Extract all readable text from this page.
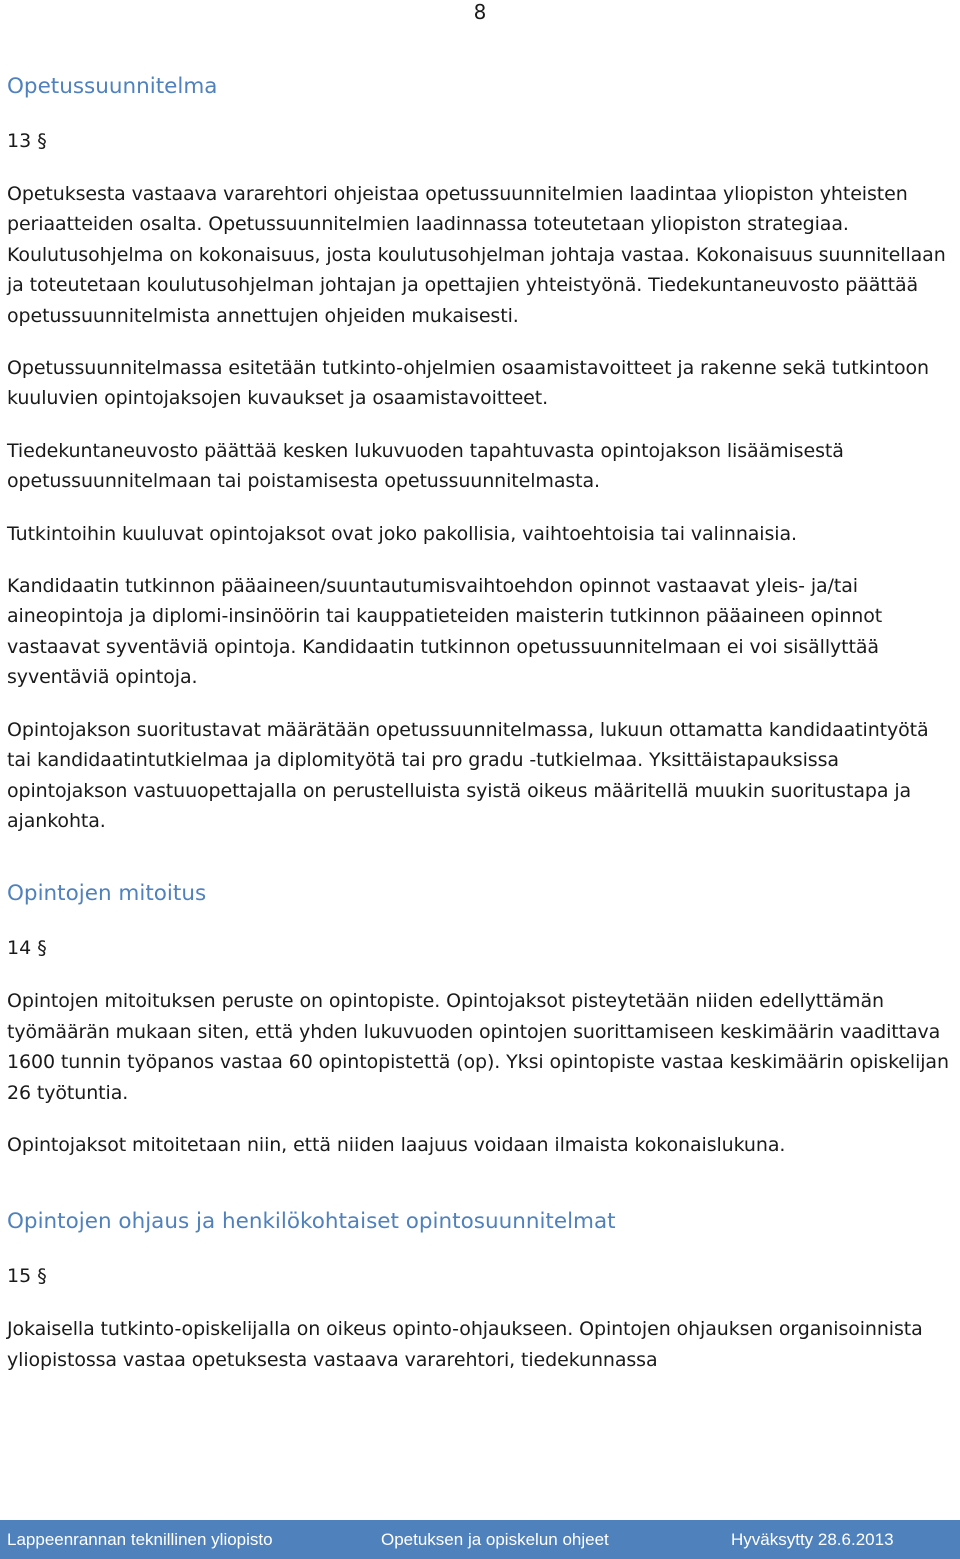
8
Opetussuunnitelma
13 §

Opetuksesta vastaava vararehtori ohjeistaa opetussuunnitelmien laadintaa yliopiston yhteisten periaatteiden osalta. Opetussuunnitelmien laadinnassa toteutetaan yliopiston strategiaa. Koulutusohjelma on kokonaisuus, josta koulutusohjelman johtaja vastaa. Kokonaisuus suunnitellaan ja toteutetaan koulutusohjelman johtajan ja opettajien yhteistyönä. Tiedekuntaneuvosto päättää opetussuunnitelmista annettujen ohjeiden mukaisesti.

Opetussuunnitelmassa esitetään tutkinto-ohjelmien osaamistavoitteet ja rakenne sekä tutkintoon kuuluvien opintojaksojen kuvaukset ja osaamistavoitteet.

Tiedekuntaneuvosto päättää kesken lukuvuoden tapahtuvasta opintojakson lisäämisestä opetussuunnitelmaan tai poistamisesta opetussuunnitelmasta.

Tutkintoihin kuuluvat opintojaksot ovat joko pakollisia, vaihtoehtoisia tai valinnaisia.

Kandidaatin tutkinnon pääaineen/suuntautumisvaihtoehdon opinnot vastaavat yleis- ja/tai aineopintoja ja diplomi-insinöörin tai kauppatieteiden maisterin tutkinnon pääaineen opinnot vastaavat syventäviä opintoja. Kandidaatin tutkinnon opetussuunnitelmaan ei voi sisällyttää syventäviä opintoja.

Opintojakson suoritustavat määrätään opetussuunnitelmassa, lukuun ottamatta kandidaatintyötä tai kandidaatintutkielmaa ja diplomityötä tai pro gradu -tutkielmaa. Yksittäistapauksissa opintojakson vastuuopettajalla on perustelluista syistä oikeus määritellä muukin suoritustapa ja ajankohta.

Opintojen mitoitus
14 §

Opintojen mitoituksen peruste on opintopiste. Opintojaksot pisteytetään niiden edellyttämän työmäärän mukaan siten, että yhden lukuvuoden opintojen suorittamiseen keskimäärin vaadittava 1600 tunnin työpanos vastaa 60 opintopistettä (op). Yksi opintopiste vastaa keskimäärin opiskelijan 26 työtuntia.

Opintojaksot mitoitetaan niin, että niiden laajuus voidaan ilmaista kokonaislukuna.

Opintojen ohjaus ja henkilökohtaiset opintosuunnitelmat
15 §

Jokaisella tutkinto-opiskelijalla on oikeus opinto-ohjaukseen. Opintojen ohjauksen organisoinnista yliopistossa vastaa opetuksesta vastaava vararehtori, tiedekunnassa

Lappeenrannan teknillinen yliopisto	Opetuksen ja opiskelun ohjeet	Hyväksytty 28.6.2013
